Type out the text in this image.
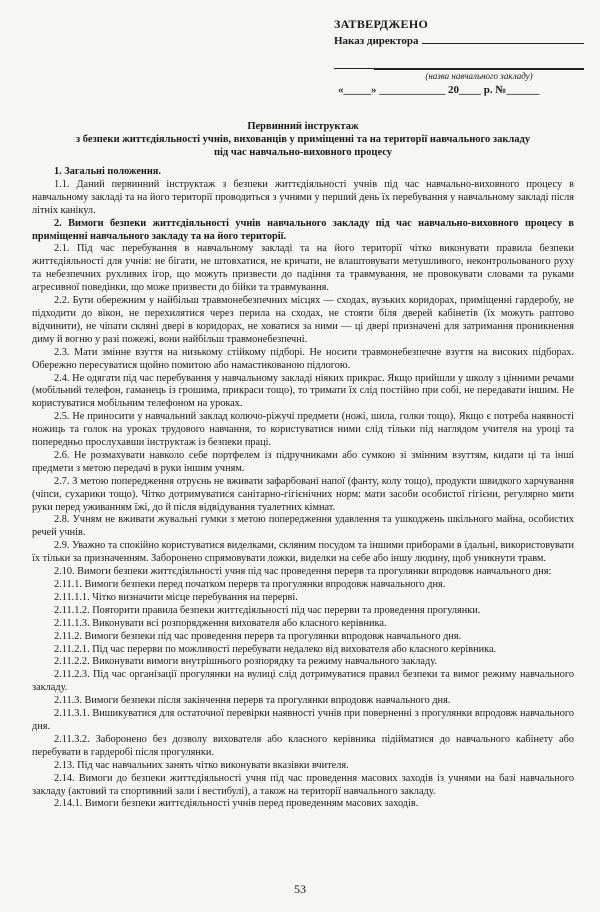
ЗАТВЕРДЖЕНО
Наказ директора
(назва навчального закладу)
«_____» ____________ 20____ р. №______
Первинний інструктаж
з безпеки життєдіяльності учнів, вихованців у приміщенні та на території навчального закладу
під час навчально-виховного процесу

1. Загальні положення.

1.1. Даний первинний інструктаж з безпеки життєдіяльності учнів під час навчально-виховного процесу в навчальному закладі та на його території проводиться з учнями у перший день їх перебування у навчальному закладі після літніх канікул.

2. Вимоги безпеки життєдіяльності учнів навчального закладу під час навчально-виховного процесу в приміщенні навчального закладу та на його території.

2.1. Під час перебування в навчальному закладі та на його території чітко виконувати правила безпеки життєдіяльності для учнів: не бігати, не штовхатися, не кричати, не влаштовувати метушливого, неконтрольованого руху та небезпечних рухливих ігор, що можуть призвести до падіння та травмування, не провокувати словами та руками агресивної поведінки, що може призвести до бійки та травмування.

2.2. Бути обережним у найбільш травмонебезпечних місцях — сходах, вузьких коридорах, приміщенні гардеробу, не підходити до вікон, не перехилятися через перила на сходах, не стояти біля дверей кабінетів (їх можуть раптово відчинити), не чіпати скляні двері в коридорах, не ховатися за ними — ці двері призначені для затримання проникнення диму й вогню у разі пожежі, вони найбільш травмонебезпечні.

2.3. Мати змінне взуття на низькому стійкому підборі. Не носити травмонебезпечне взуття на високих підборах. Обережно пересуватися щойно помитою або намастикованою підлогою.

2.4. Не одягати під час перебування у навчальному закладі ніяких прикрас. Якщо прийшли у школу з цінними речами (мобільний телефон, гаманець із грошима, прикраси тощо), то тримати їх слід постійно при собі, не передавати іншим. Не користуватися мобільним телефоном на уроках.

2.5. Не приносити у навчальний заклад колючо-ріжучі предмети (ножі, шила, голки тощо). Якщо є потреба наявності ножиць та голок на уроках трудового навчання, то користуватися ними слід тільки під наглядом учителя на уроці та попередньо прослухавши інструктаж із безпеки праці.

2.6. Не розмахувати навколо себе портфелем із підручниками або сумкою зі змінним взуттям, кидати ці та інші предмети з метою передачі в руки іншим учням.

2.7. З метою попередження отруєнь не вживати зафарбовані напої (фанту, колу тощо), продукти швидкого харчування (чіпси, сухарики тощо). Чітко дотримуватися санітарно-гігієнічних норм: мати засоби особистої гігієни, регулярно мити руки перед уживанням їжі, до й після відвідування туалетних кімнат.

2.8. Учням не вживати жувальні гумки з метою попередження удавлення та ушкоджень шкільного майна, особистих речей учнів.

2.9. Уважно та спокійно користуватися виделками, скляним посудом та іншими приборами в їдальні, використовувати їх тільки за призначенням. Заборонено спрямовувати ложки, виделки на себе або іншу людину, щоб уникнути травм.

2.10. Вимоги безпеки життєдіяльності учня під час проведення перерв та прогулянки впродовж навчального дня:

2.11.1. Вимоги безпеки перед початком перерв та прогулянки впродовж навчального дня.

2.11.1.1. Чітко визначити місце перебування на перерві.

2.11.1.2. Повторити правила безпеки життєдіяльності під час перерви та проведення прогулянки.

2.11.1.3. Виконувати всі розпорядження вихователя або класного керівника.

2.11.2. Вимоги безпеки під час проведення перерв та прогулянки впродовж навчального дня.

2.11.2.1. Під час перерви по можливості перебувати недалеко від вихователя або класного керівника.

2.11.2.2. Виконувати вимоги внутрішнього розпорядку та режиму навчального закладу.

2.11.2.3. Під час організації прогулянки на вулиці слід дотримуватися правил безпеки та вимог режиму навчального закладу.

2.11.3. Вимоги безпеки після закінчення перерв та прогулянки впродовж навчального дня.

2.11.3.1. Вишикуватися для остаточної перевірки наявності учнів при поверненні з прогулянки впродовж навчального дня.

2.11.3.2. Заборонено без дозволу вихователя або класного керівника підійматися до навчального кабінету або перебувати в гардеробі після прогулянки.

2.13. Під час навчальних занять чітко виконувати вказівки вчителя.

2.14. Вимоги до безпеки життєдіяльності учня під час проведення масових заходів із учнями на базі навчального закладу (актовий та спортивний зали і вестибулі), а також на території навчального закладу.

2.14.1. Вимоги безпеки життєдіяльності учнів перед проведенням масових заходів.

53
